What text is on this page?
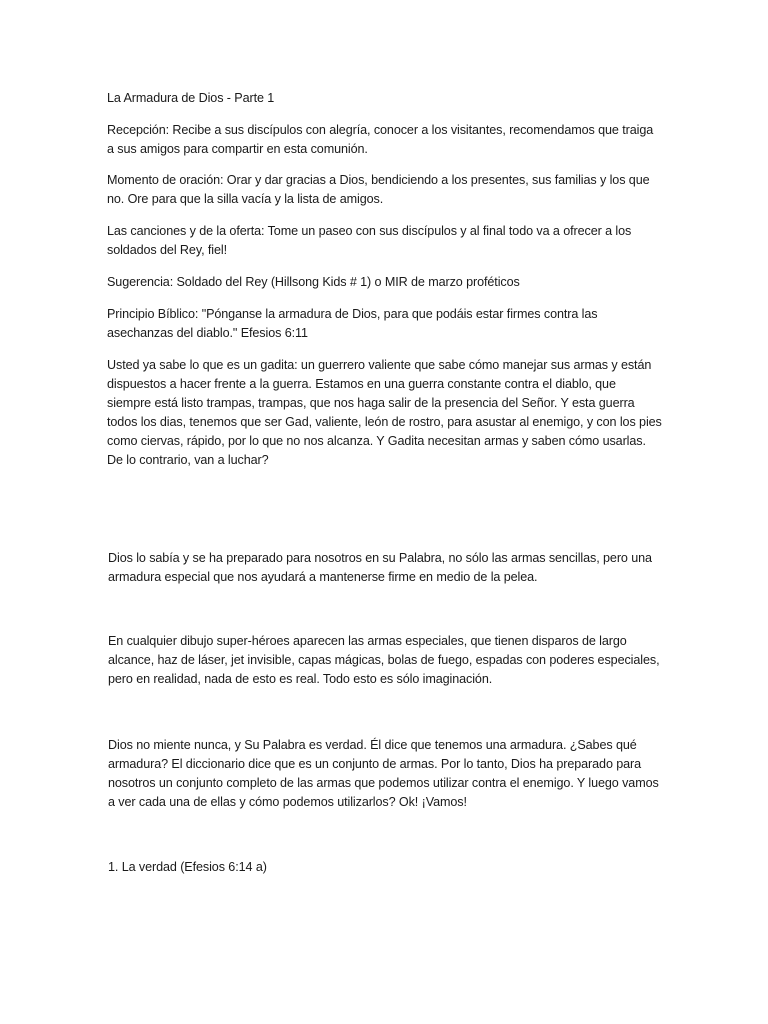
La Armadura de Dios - Parte 1

Recepción: Recibe a sus discípulos con alegría, conocer a los visitantes, recomendamos que traiga a sus amigos para compartir en esta comunión.

Momento de oración: Orar y dar gracias a Dios, bendiciendo a los presentes, sus familias y los que no. Ore para que la silla vacía y la lista de amigos.

Las canciones y de la oferta: Tome un paseo con sus discípulos y al final todo va a ofrecer a los soldados del Rey, fiel!

Sugerencia: Soldado del Rey (Hillsong Kids # 1) o MIR de marzo proféticos

Principio Bíblico: "Pónganse la armadura de Dios, para que podáis estar firmes contra las asechanzas del diablo." Efesios 6:11

Usted ya sabe lo que es un gadita: un guerrero valiente que sabe cómo manejar sus armas y están dispuestos a hacer frente a la guerra. Estamos en una guerra constante contra el diablo, que siempre está listo trampas, trampas, que nos haga salir de la presencia del Señor. Y esta guerra todos los dias, tenemos que ser Gad, valiente, león de rostro, para asustar al enemigo, y con los pies como ciervas, rápido, por lo que no nos alcanza. Y Gadita necesitan armas y saben cómo usarlas. De lo contrario, van a luchar?

Dios lo sabía y se ha preparado para nosotros en su Palabra, no sólo las armas sencillas, pero una armadura especial que nos ayudará a mantenerse firme en medio de la pelea.

En cualquier dibujo super-héroes aparecen las armas especiales, que tienen disparos de largo alcance, haz de láser, jet invisible, capas mágicas, bolas de fuego, espadas con poderes especiales, pero en realidad, nada de esto es real. Todo esto es sólo imaginación.

Dios no miente nunca, y Su Palabra es verdad. Él dice que tenemos una armadura. ¿Sabes qué armadura? El diccionario dice que es un conjunto de armas. Por lo tanto, Dios ha preparado para nosotros un conjunto completo de las armas que podemos utilizar contra el enemigo. Y luego vamos a ver cada una de ellas y cómo podemos utilizarlos? Ok! ¡Vamos!

1. La verdad (Efesios 6:14 a)
